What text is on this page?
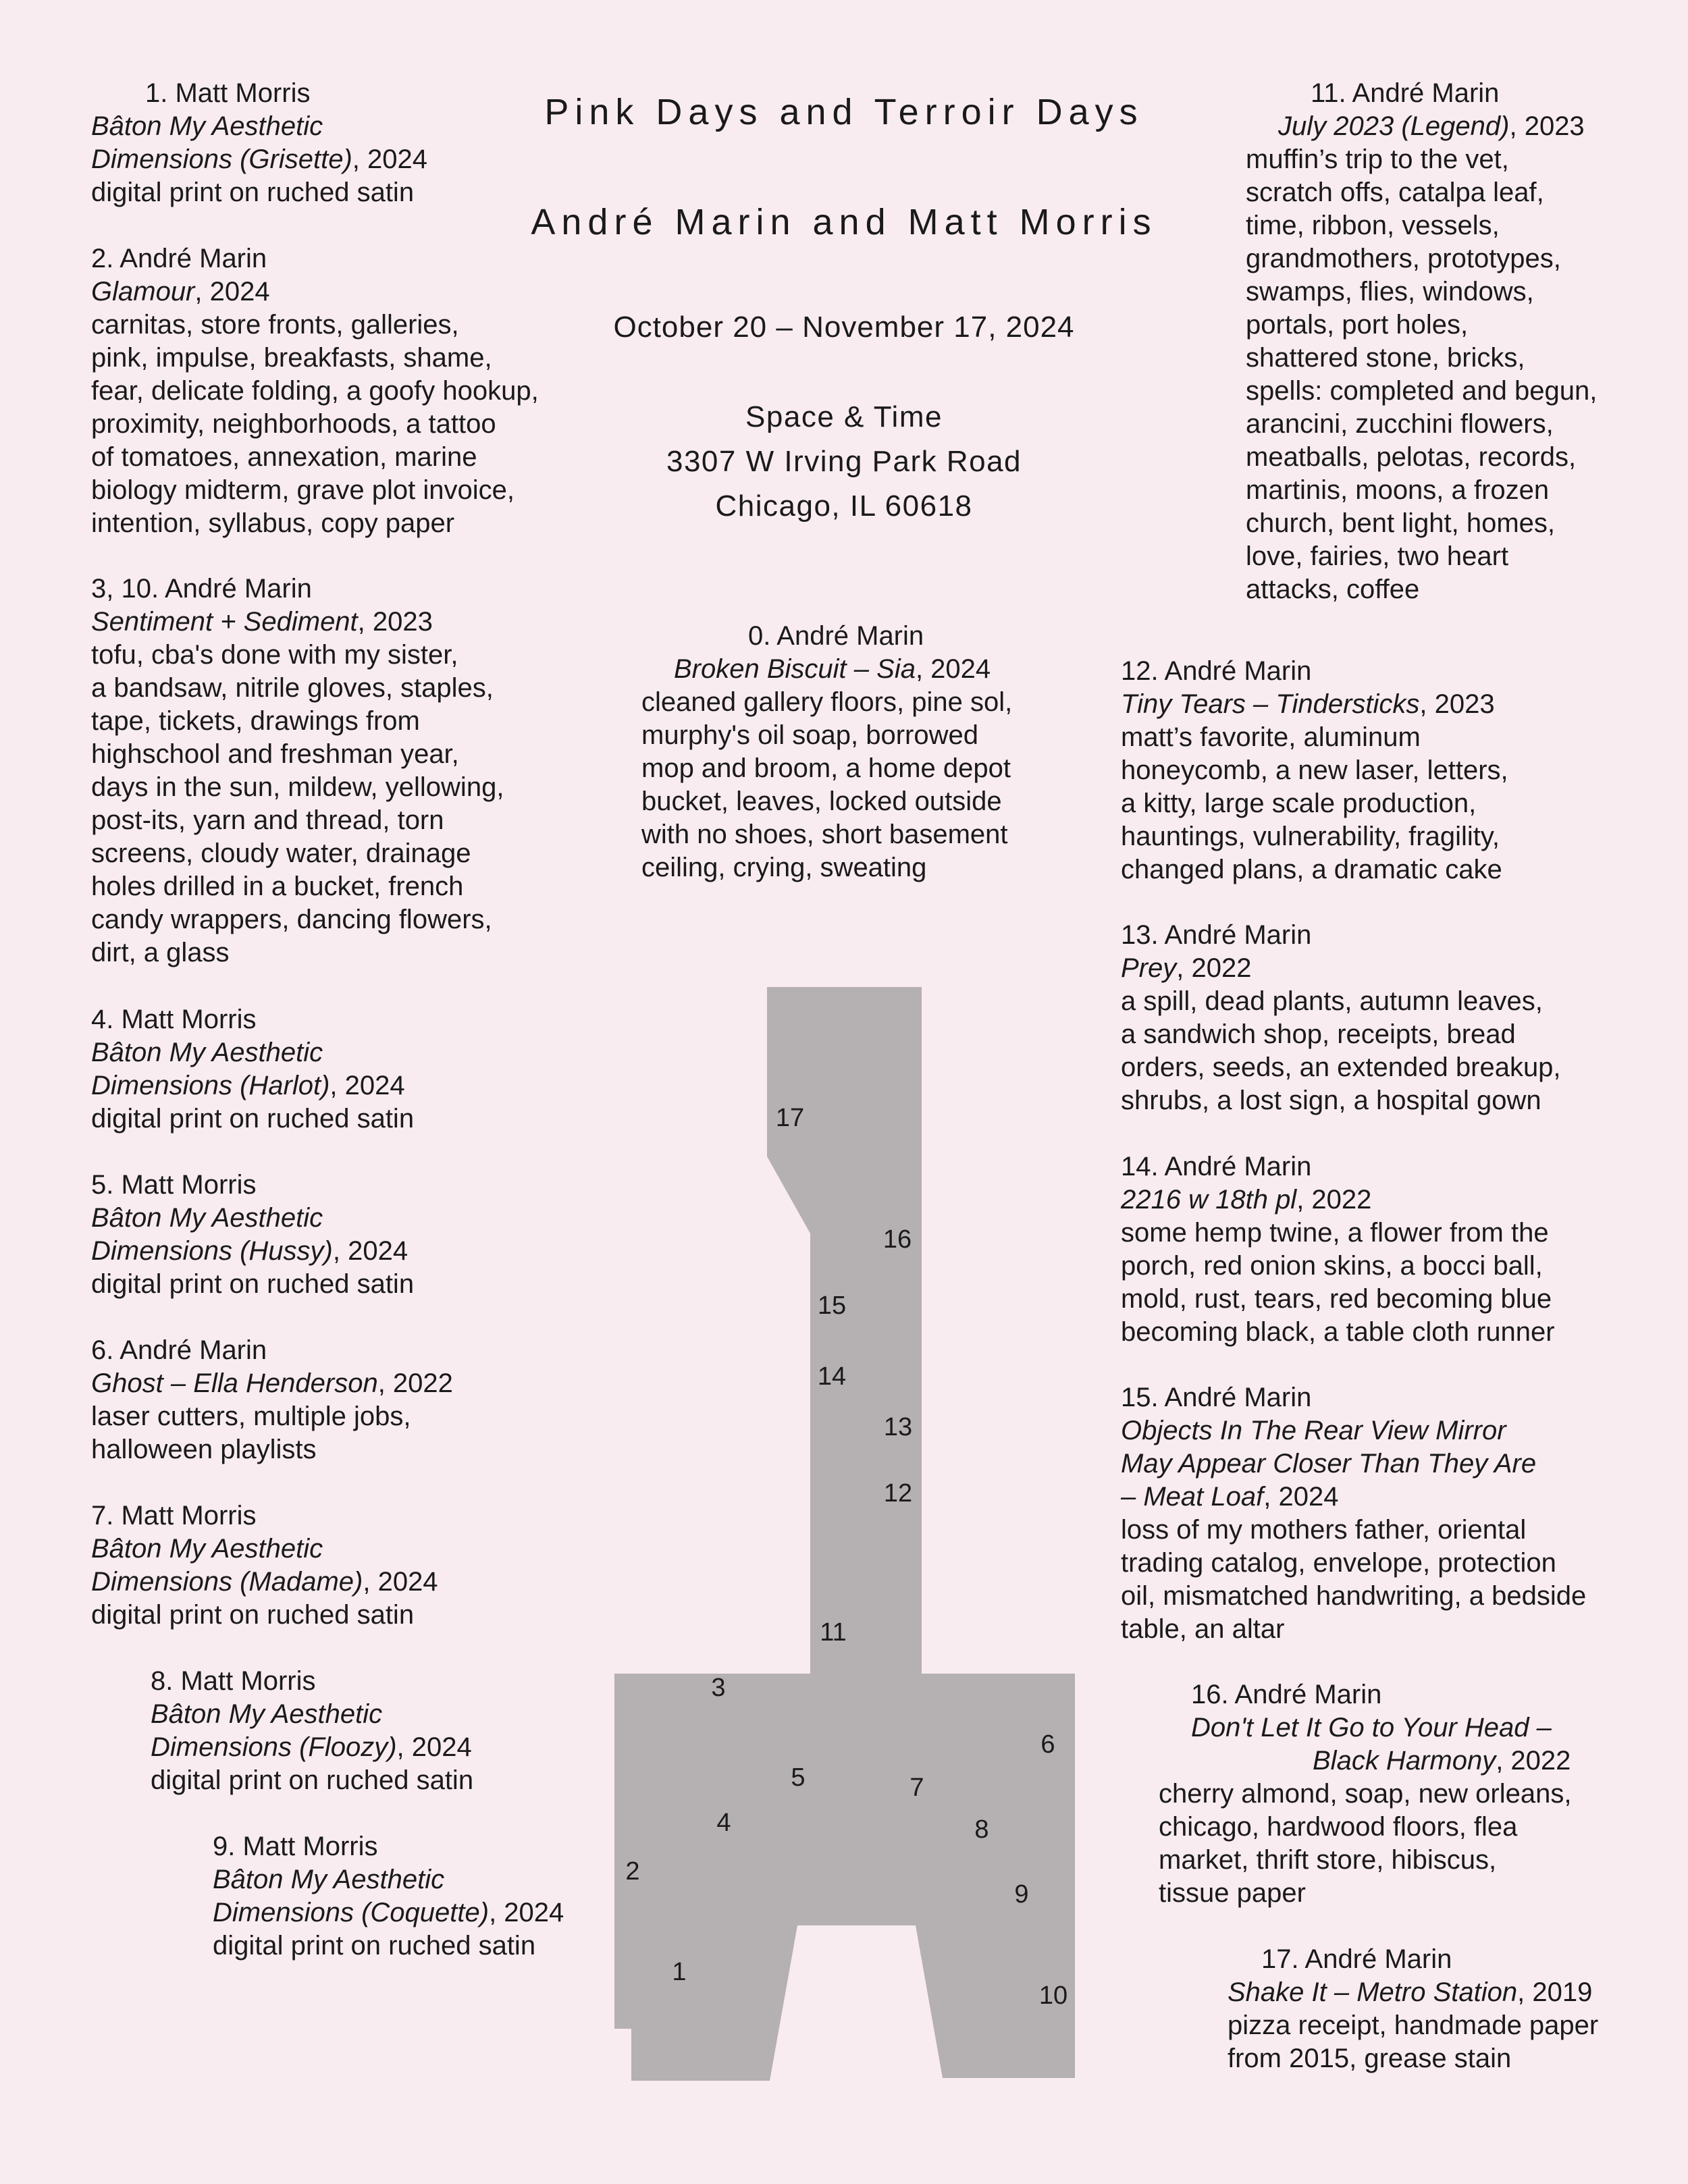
Pink Days and Terroir Days
André Marin and Matt Morris
October 20 – November 17, 2024
Space & Time
3307 W Irving Park Road
Chicago, IL 60618
1. Matt Morris
Bâton My Aesthetic
Dimensions (Grisette), 2024
digital print on ruched satin
2. André Marin
Glamour, 2024
carnitas, store fronts, galleries,
pink, impulse, breakfasts, shame,
fear, delicate folding, a goofy hookup,
proximity, neighborhoods, a tattoo
of tomatoes, annexation, marine
biology midterm, grave plot invoice,
intention, syllabus, copy paper
3, 10. André Marin
Sentiment + Sediment, 2023
tofu, cba's done with my sister,
a bandsaw, nitrile gloves, staples,
tape, tickets, drawings from
highschool and freshman year,
days in the sun, mildew, yellowing,
post-its, yarn and thread, torn
screens, cloudy water, drainage
holes drilled in a bucket, french
candy wrappers, dancing flowers,
dirt, a glass
4. Matt Morris
Bâton My Aesthetic
Dimensions (Harlot), 2024
digital print on ruched satin
5. Matt Morris
Bâton My Aesthetic
Dimensions (Hussy), 2024
digital print on ruched satin
6. André Marin
Ghost – Ella Henderson, 2022
laser cutters, multiple jobs,
halloween playlists
7. Matt Morris
Bâton My Aesthetic
Dimensions (Madame), 2024
digital print on ruched satin
8. Matt Morris
Bâton My Aesthetic
Dimensions (Floozy), 2024
digital print on ruched satin
9. Matt Morris
Bâton My Aesthetic
Dimensions (Coquette), 2024
digital print on ruched satin
0. André Marin
Broken Biscuit – Sia, 2024
cleaned gallery floors, pine sol,
murphy's oil soap, borrowed
mop and broom, a home depot
bucket, leaves, locked outside
with no shoes, short basement
ceiling, crying, sweating
11. André Marin
July 2023 (Legend), 2023
muffin’s trip to the vet,
scratch offs, catalpa leaf,
time, ribbon, vessels,
grandmothers, prototypes,
swamps, flies, windows,
portals, port holes,
shattered stone, bricks,
spells: completed and begun,
arancini, zucchini flowers,
meatballs, pelotas, records,
martinis, moons, a frozen
church, bent light, homes,
love, fairies, two heart
attacks, coffee
12. André Marin
Tiny Tears – Tindersticks, 2023
matt’s favorite, aluminum
honeycomb, a new laser, letters,
a kitty, large scale production,
hauntings, vulnerability, fragility,
changed plans, a dramatic cake
13. André Marin
Prey, 2022
a spill, dead plants, autumn leaves,
a sandwich shop, receipts, bread
orders, seeds, an extended breakup,
shrubs, a lost sign, a hospital gown
14. André Marin
2216 w 18th pl, 2022
some hemp twine, a flower from the
porch, red onion skins, a bocci ball,
mold, rust, tears, red becoming blue
becoming black, a table cloth runner
15. André Marin
Objects In The Rear View Mirror
May Appear Closer Than They Are
– Meat Loaf, 2024
loss of my mothers father, oriental
trading catalog, envelope, protection
oil, mismatched handwriting, a bedside
table, an altar
16. André Marin
Don't Let It Go to Your Head –
Black Harmony, 2022
cherry almond, soap, new orleans,
chicago, hardwood floors, flea
market, thrift store, hibiscus,
tissue paper
17. André Marin
Shake It – Metro Station, 2019
pizza receipt, handmade paper
from 2015, grease stain
17
16
15
14
13
12
11
3
6
5	7
4	8
2
9
1
10
